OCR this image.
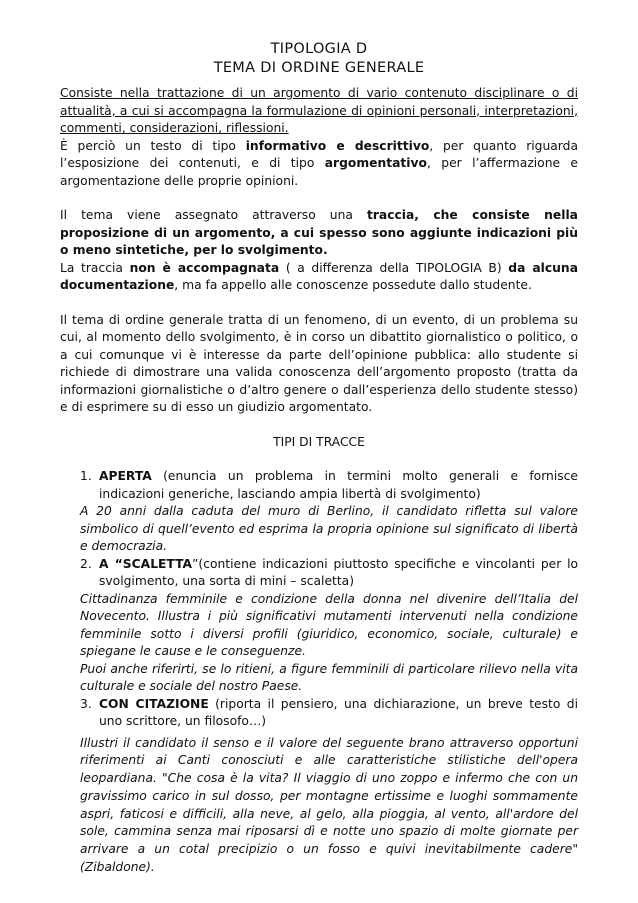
TIPOLOGIA D
TEMA DI ORDINE GENERALE

Consiste nella trattazione di un argomento di vario contenuto disciplinare o di attualità, a cui si accompagna la formulazione di opinioni personali, interpretazioni, commenti, considerazioni, riflessioni.

È perciò un testo di tipo informativo e descrittivo, per quanto riguarda l’esposizione dei contenuti, e di tipo argomentativo, per l’affermazione e argomentazione delle proprie opinioni.

Il tema viene assegnato attraverso una traccia, che consiste nella proposizione di un argomento, a cui spesso sono aggiunte indicazioni più o meno sintetiche, per lo svolgimento.

La traccia non è accompagnata ( a differenza della TIPOLOGIA B) da alcuna documentazione, ma fa appello alle conoscenze possedute dallo studente.

Il tema di ordine generale tratta di un fenomeno, di un evento, di un problema su cui, al momento dello svolgimento, è in corso un dibattito giornalistico o politico, o a cui comunque vi è interesse da parte dell’opinione pubblica: allo studente si richiede di dimostrare una valida conoscenza dell’argomento proposto (tratta da informazioni giornalistiche o d’altro genere o dall’esperienza dello studente stesso) e di esprimere su di esso un giudizio argomentato.

TIPI DI TRACCE

1. APERTA (enuncia un problema in termini molto generali e fornisce indicazioni generiche, lasciando ampia libertà di svolgimento)

A 20 anni dalla caduta del muro di Berlino, il candidato rifletta sul valore simbolico di quell’evento ed esprima la propria opinione sul significato di libertà e democrazia.

2. A “SCALETTA”(contiene indicazioni piuttosto specifiche e vincolanti per lo svolgimento, una sorta di mini – scaletta)

Cittadinanza femminile e condizione della donna nel divenire dell’Italia del Novecento. Illustra i più significativi mutamenti intervenuti nella condizione femminile sotto i diversi profili (giuridico, economico, sociale, culturale) e spiegane le cause e le conseguenze.

Puoi anche riferirti, se lo ritieni, a figure femminili di particolare rilievo nella vita culturale e sociale del nostro Paese.

3. CON CITAZIONE (riporta il pensiero, una dichiarazione, un breve testo di uno scrittore, un filosofo…)

Illustri il candidato il senso e il valore del seguente brano attraverso opportuni riferimenti ai Canti conosciuti e alle caratteristiche stilistiche dell'opera leopardiana. "Che cosa è la vita? Il viaggio di uno zoppo e infermo che con un gravissimo carico in sul dosso, per montagne ertissime e luoghi sommamente aspri, faticosi e difficili, alla neve, al gelo, alla pioggia, al vento, all'ardore del sole, cammina senza mai riposarsi dì e notte uno spazio di molte giornate per arrivare a un cotal precipizio o un fosso e quivi inevitabilmente cadere" (Zibaldone).
